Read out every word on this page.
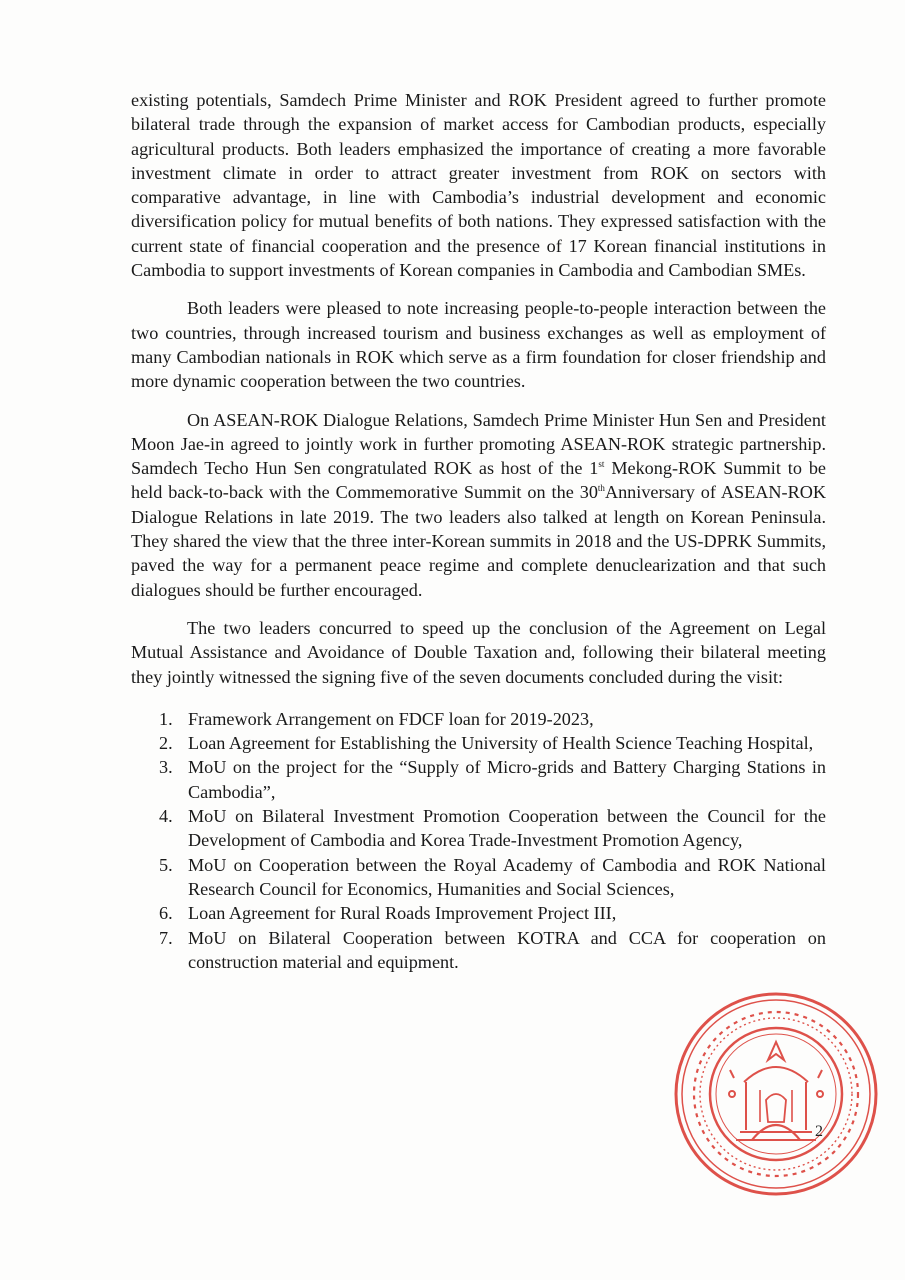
existing potentials, Samdech Prime Minister and ROK President agreed to further promote bilateral trade through the expansion of market access for Cambodian products, especially agricultural products. Both leaders emphasized the importance of creating a more favorable investment climate in order to attract greater investment from ROK on sectors with comparative advantage, in line with Cambodia’s industrial development and economic diversification policy for mutual benefits of both nations. They expressed satisfaction with the current state of financial cooperation and the presence of 17 Korean financial institutions in Cambodia to support investments of Korean companies in Cambodia and Cambodian SMEs.

Both leaders were pleased to note increasing people-to-people interaction between the two countries, through increased tourism and business exchanges as well as employment of many Cambodian nationals in ROK which serve as a firm foundation for closer friendship and more dynamic cooperation between the two countries.

On ASEAN-ROK Dialogue Relations, Samdech Prime Minister Hun Sen and President Moon Jae-in agreed to jointly work in further promoting ASEAN-ROK strategic partnership. Samdech Techo Hun Sen congratulated ROK as host of the 1st Mekong-ROK Summit to be held back-to-back with the Commemorative Summit on the 30thAnniversary of ASEAN-ROK Dialogue Relations in late 2019. The two leaders also talked at length on Korean Peninsula. They shared the view that the three inter-Korean summits in 2018 and the US-DPRK Summits, paved the way for a permanent peace regime and complete denuclearization and that such dialogues should be further encouraged.

The two leaders concurred to speed up the conclusion of the Agreement on Legal Mutual Assistance and Avoidance of Double Taxation and, following their bilateral meeting they jointly witnessed the signing five of the seven documents concluded during the visit:

1. Framework Arrangement on FDCF loan for 2019-2023,
2. Loan Agreement for Establishing the University of Health Science Teaching Hospital,
3. MoU on the project for the “Supply of Micro-grids and Battery Charging Stations in Cambodia”,
4. MoU on Bilateral Investment Promotion Cooperation between the Council for the Development of Cambodia and Korea Trade-Investment Promotion Agency,
5. MoU on Cooperation between the Royal Academy of Cambodia and ROK National Research Council for Economics, Humanities and Social Sciences,
6. Loan Agreement for Rural Roads Improvement Project III,
7. MoU on Bilateral Cooperation between KOTRA and CCA for cooperation on construction material and equipment.
2
